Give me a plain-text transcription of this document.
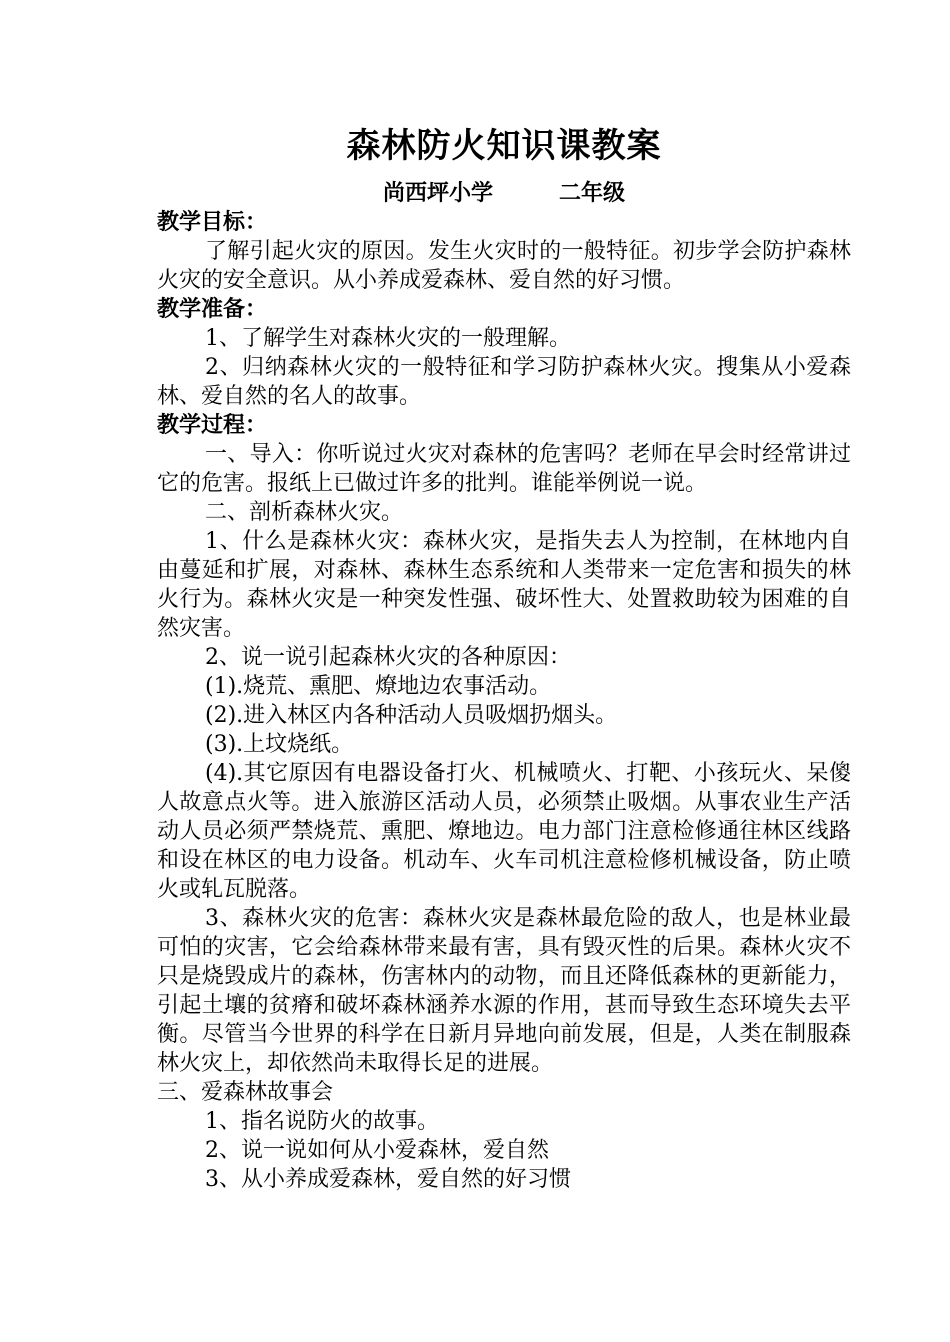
森林防火知识课教案
尚西坪小学	二年级
教学目标：

了解引起火灾的原因。发生火灾时的一般特征。初步学会防护森林火灾的安全意识。从小养成爱森林、爱自然的好习惯。

教学准备：

1、了解学生对森林火灾的一般理解。

2、归纳森林火灾的一般特征和学习防护森林火灾。搜集从小爱森林、爱自然的名人的故事。

教学过程：

一、导入：你听说过火灾对森林的危害吗？老师在早会时经常讲过它的危害。报纸上已做过许多的批判。谁能举例说一说。

二、剖析森林火灾。

1、什么是森林火灾：森林火灾，是指失去人为控制，在林地内自由蔓延和扩展，对森林、森林生态系统和人类带来一定危害和损失的林火行为。森林火灾是一种突发性强、破坏性大、处置救助较为困难的自然灾害。

2、说一说引起森林火灾的各种原因：

(1).烧荒、熏肥、燎地边农事活动。

(2).进入林区内各种活动人员吸烟扔烟头。

(3).上坟烧纸。

(4).其它原因有电器设备打火、机械喷火、打靶、小孩玩火、呆傻人故意点火等。进入旅游区活动人员，必须禁止吸烟。从事农业生产活动人员必须严禁烧荒、熏肥、燎地边。电力部门注意检修通往林区线路和设在林区的电力设备。机动车、火车司机注意检修机械设备，防止喷火或轧瓦脱落。

3、森林火灾的危害：森林火灾是森林最危险的敌人，也是林业最可怕的灾害，它会给森林带来最有害，具有毁灭性的后果。森林火灾不只是烧毁成片的森林，伤害林内的动物，而且还降低森林的更新能力，引起土壤的贫瘠和破坏森林涵养水源的作用，甚而导致生态环境失去平衡。尽管当今世界的科学在日新月异地向前发展，但是，人类在制服森林火灾上，却依然尚未取得长足的进展。

三、爱森林故事会

1、指名说防火的故事。

2、说一说如何从小爱森林，爱自然

3、从小养成爱森林，爱自然的好习惯
